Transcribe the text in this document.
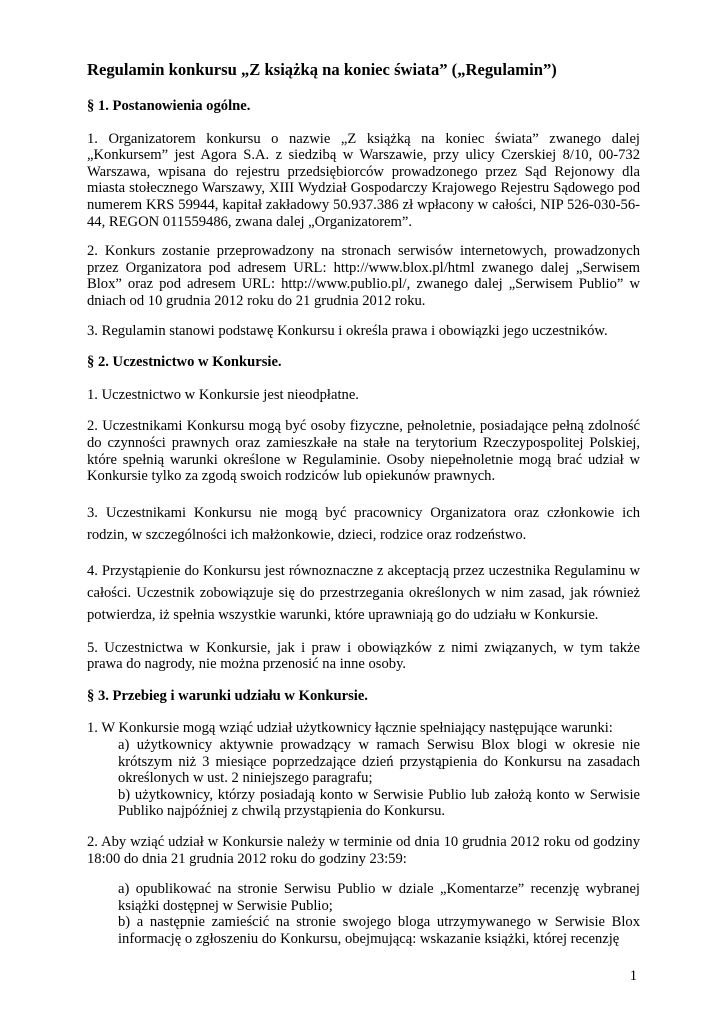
Regulamin konkursu „Z książką na koniec świata” („Regulamin”)
§ 1. Postanowienia ogólne.

1. Organizatorem konkursu o nazwie „Z książką na koniec świata” zwanego dalej „Konkursem” jest Agora S.A. z siedzibą w Warszawie, przy ulicy Czerskiej 8/10, 00-732 Warszawa, wpisana do rejestru przedsiębiorców prowadzonego przez Sąd Rejonowy dla miasta stołecznego Warszawy, XIII Wydział Gospodarczy Krajowego Rejestru Sądowego pod numerem KRS 59944, kapitał zakładowy 50.937.386 zł wpłacony w całości, NIP 526-030-56-44, REGON 011559486, zwana dalej „Organizatorem”.

2. Konkurs zostanie przeprowadzony na stronach serwisów internetowych, prowadzonych przez Organizatora pod adresem URL: http://www.blox.pl/html zwanego dalej „Serwisem Blox” oraz pod adresem URL: http://www.publio.pl/, zwanego dalej „Serwisem Publio” w dniach od 10 grudnia 2012 roku do 21 grudnia 2012 roku.

3. Regulamin stanowi podstawę Konkursu i określa prawa i obowiązki jego uczestników.

§ 2. Uczestnictwo w Konkursie.

1. Uczestnictwo w Konkursie jest nieodpłatne.

2. Uczestnikami Konkursu mogą być osoby fizyczne, pełnoletnie, posiadające pełną zdolność do czynności prawnych oraz zamieszkałe na stałe na terytorium Rzeczypospolitej Polskiej, które spełnią warunki określone w Regulaminie. Osoby niepełnoletnie mogą brać udział w Konkursie tylko za zgodą swoich rodziców lub opiekunów prawnych.

3. Uczestnikami Konkursu nie mogą być pracownicy Organizatora oraz członkowie ich rodzin, w szczególności ich małżonkowie, dzieci, rodzice oraz rodzeństwo.

4. Przystąpienie do Konkursu jest równoznaczne z akceptacją przez uczestnika Regulaminu w całości. Uczestnik zobowiązuje się do przestrzegania określonych w nim zasad, jak również potwierdza, iż spełnia wszystkie warunki, które uprawniają go do udziału w Konkursie.

5. Uczestnictwa w Konkursie, jak i praw i obowiązków z nimi związanych, w tym także prawa do nagrody, nie można przenosić na inne osoby.

§ 3. Przebieg i warunki udziału w Konkursie.

1. W Konkursie mogą wziąć udział użytkownicy łącznie spełniający następujące warunki:

a) użytkownicy aktywnie prowadzący w ramach Serwisu Blox blogi w okresie nie krótszym niż 3 miesiące poprzedzające dzień przystąpienia do Konkursu na zasadach określonych w ust. 2 niniejszego paragrafu;
b) użytkownicy, którzy posiadają konto w Serwisie Publio lub założą konto w Serwisie Publiko najpóźniej z chwilą przystąpienia do Konkursu.

2. Aby wziąć udział w Konkursie należy w terminie od dnia 10 grudnia 2012 roku od godziny 18:00 do dnia 21 grudnia 2012 roku do godziny 23:59:

a) opublikować na stronie Serwisu Publio w dziale „Komentarze” recenzję wybranej książki dostępnej w Serwisie Publio;
b) a następnie zamieścić na stronie swojego bloga utrzymywanego w Serwisie Blox informację o zgłoszeniu do Konkursu, obejmującą: wskazanie książki, której recenzję
1
